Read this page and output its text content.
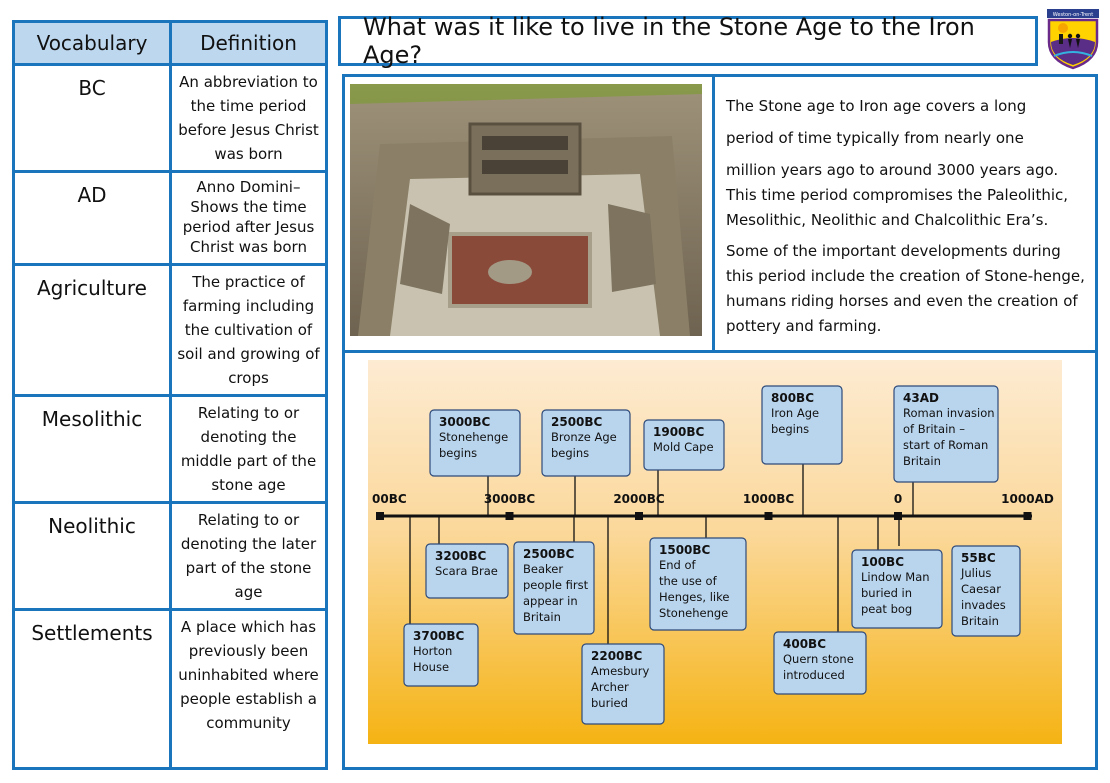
Vocabulary	Definition
BC	An abbreviation to the time period before Jesus Christ was born
AD	Anno Domini– Shows the time period after Jesus Christ was born
Agriculture	The practice of farming including the cultivation of soil and growing of crops
Mesolithic	Relating to or denoting the middle part of the stone age
Neolithic	Relating to or denoting the later part of the stone age
Settlements	A place which has previously been uninhabited where people establish a community
What was it like to live in the Stone Age to the Iron Age?
Weston-on-Trent

The Stone age to Iron age covers a long

period of time typically from nearly one

million years ago to around 3000 years ago. This time period compromises the Paleolithic, Mesolithic, Neolithic and Chalcolithic Era’s.

Some of the important developments during this period include the creation of Stone-henge, humans riding horses and even the creation of pottery and farming.

00BC	3000BC	2000BC	1000BC	0	1000AD
3000BC
Stonehenge
begins
2500BC
Bronze Age
begins
1900BC
Mold Cape
800BC
Iron Age
begins
43AD
Roman invasion
of Britain –
start of Roman
Britain
3700BC
Horton
House
3200BC
Scara Brae
2500BC
Beaker
people first
appear in
Britain
2200BC
Amesbury
Archer
buried
1500BC
End of
the use of
Henges, like
Stonehenge
400BC
Quern stone
introduced
100BC
Lindow Man
buried in
peat bog
55BC
Julius
Caesar
invades
Britain
